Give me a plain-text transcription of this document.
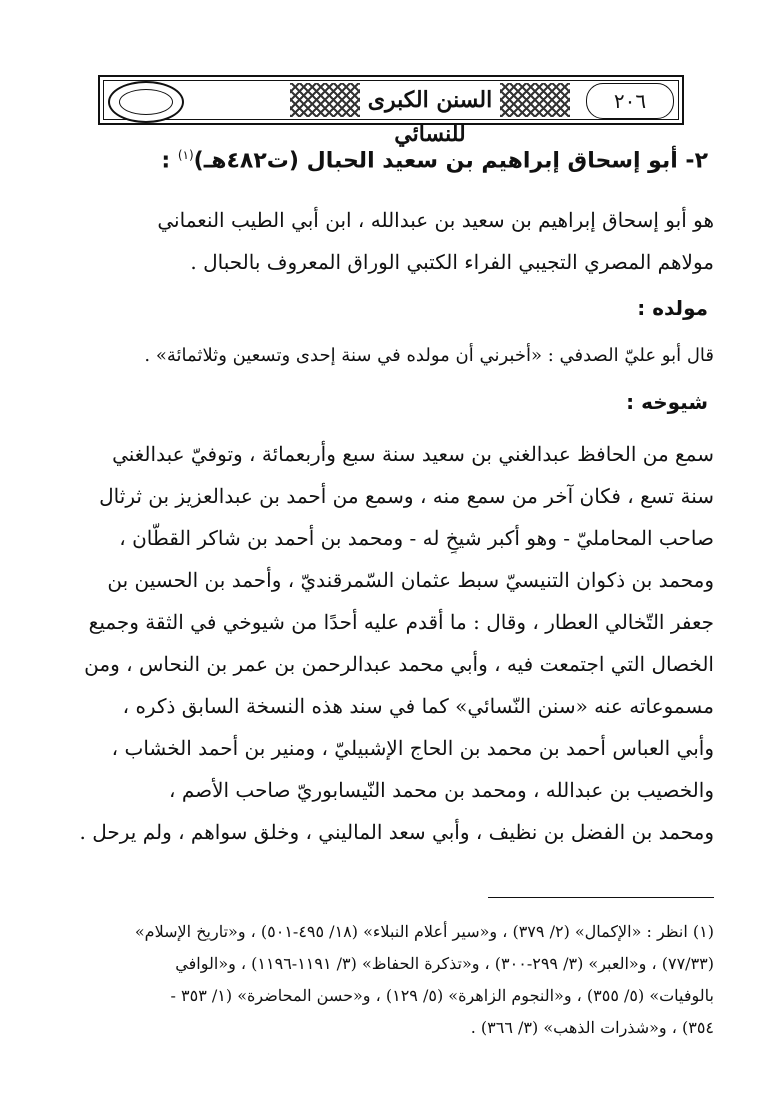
السنن الكبرى للنسائي
٢٠٦
٢- أبو إسحاق إبراهيم بن سعيد الحبال (ت٤٨٢هـ)$^{(١)}$ :
هو أبو إسحاق إبراهيم بن سعيد بن عبدالله ، ابن أبي الطيب النعماني
مولاهم المصري التجيبي الفراء الكتبي الوراق المعروف بالحبال .
مولده :
قال أبو عليّ الصدفي : «أخبرني أن مولده في سنة إحدى وتسعين وثلاثمائة» .
شيوخه :
سمع من الحافظ عبدالغني بن سعيد سنة سبع وأربعمائة ، وتوفيّ عبدالغني
سنة تسع ، فكان آخر من سمع منه ، وسمع من أحمد بن عبدالعزيز بن ثرثال
صاحب المحامليّ - وهو أكبر شيخٍ له - ومحمد بن أحمد بن شاكر القطّان ،
ومحمد بن ذكوان التنيسيّ سبط عثمان السّمرقنديّ ، وأحمد بن الحسين بن
جعفر التّخالي العطار ، وقال : ما أقدم عليه أحدًا من شيوخي في الثقة وجميع
الخصال التي اجتمعت فيه ، وأبي محمد عبدالرحمن بن عمر بن النحاس ، ومن
مسموعاته عنه «سنن النّسائي» كما في سند هذه النسخة السابق ذكره ،
وأبي العباس أحمد بن محمد بن الحاج الإشبيليّ ، ومنير بن أحمد الخشاب ،
والخصيب بن عبدالله ، ومحمد بن محمد النّيسابوريّ صاحب الأصم ،
ومحمد بن الفضل بن نظيف ، وأبي سعد الماليني ، وخلق سواهم ، ولم يرحل .
(١) انظر : «الإكمال» (٢/ ٣٧٩) ، و«سير أعلام النبلاء» (١٨/ ٤٩٥-٥٠١) ، و«تاريخ الإسلام»
(٧٧/٣٣) ، و«العبر» (٣/ ٢٩٩-٣٠٠) ، و«تذكرة الحفاظ» (٣/ ١١٩١-١١٩٦) ، و«الوافي
بالوفيات» (٥/ ٣٥٥) ، و«النجوم الزاهرة» (٥/ ١٢٩) ، و«حسن المحاضرة» (١/ ٣٥٣ -
٣٥٤) ، و«شذرات الذهب» (٣/ ٣٦٦) .
